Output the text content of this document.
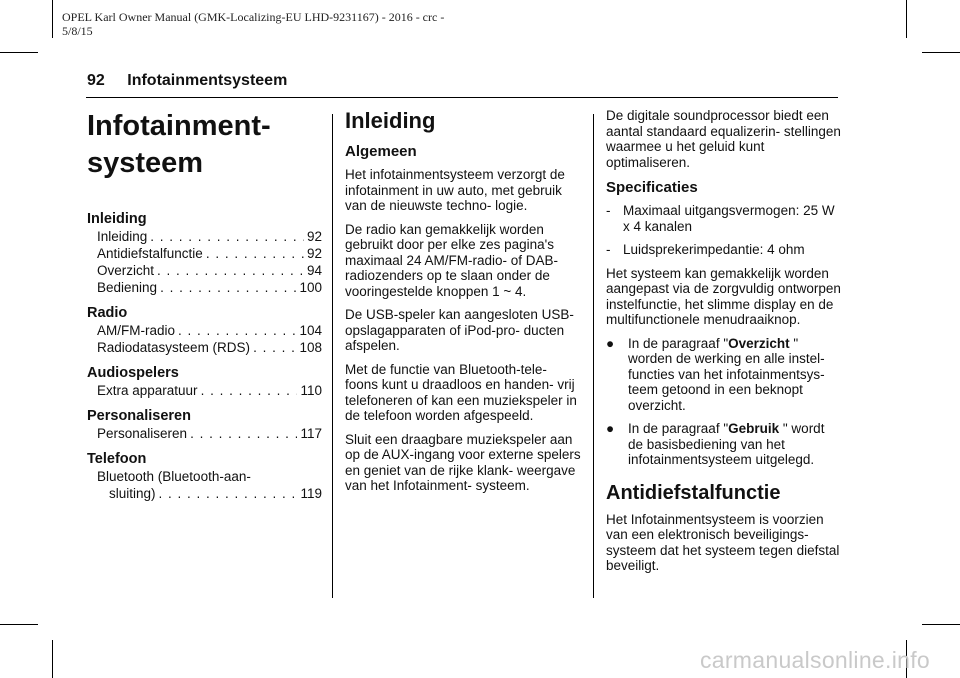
OPEL Karl Owner Manual (GMK-Localizing-EU LHD-9231167) - 2016 - crc -
5/8/15
92 Infotainmentsysteem
Infotainment-
systeem
Inleiding
Inleiding . . .	92
Antidiefstalfunctie . . .	92
Overzicht . . .	94
Bediening . . .	100
Radio
AM/FM-radio . . .	104
Radiodatasysteem (RDS) . . .	108
Audiospelers
Extra apparatuur . . .	110
Personaliseren
Personaliseren . . .	117
Telefoon
Bluetooth (Bluetooth-aan-
sluiting) . . .	119
Inleiding
Algemeen

Het infotainmentsysteem verzorgt de infotainment in uw auto, met gebruik van de nieuwste techno- logie.

De radio kan gemakkelijk worden gebruikt door per elke zes pagina's maximaal 24 AM/FM-radio- of DAB-radiozenders op te slaan onder de vooringestelde knoppen 1 ~ 4.

De USB-speler kan aangesloten USB-opslagapparaten of iPod-pro- ducten afspelen.

Met de functie van Bluetooth-tele- foons kunt u draadloos en handen- vrij telefoneren of kan een muziekspeler in de telefoon worden afgespeeld.

Sluit een draagbare muziekspeler aan op de AUX-ingang voor externe spelers en geniet van de rijke klank- weergave van het Infotainment- systeem.

De digitale soundprocessor biedt een aantal standaard equalizerin- stellingen waarmee u het geluid kunt optimaliseren.

Specificaties
- Maximaal uitgangsvermogen: 25 W x 4 kanalen
- Luidsprekerimpedantie: 4 ohm

Het systeem kan gemakkelijk worden aangepast via de zorgvuldig ontworpen instelfunctie, het slimme display en de multifunctionele menudraaiknop.

●	In de paragraaf "Overzicht " worden de werking en alle instel- functies van het infotainmentsys- teem getoond in een beknopt overzicht.
●	In de paragraaf "Gebruik " wordt de basisbediening van het infotainmentsysteem uitgelegd.
Antidiefstalfunctie

Het Infotainmentsysteem is voorzien van een elektronisch beveiligings- systeem dat het systeem tegen diefstal beveiligt.

carmanualsonline.info
